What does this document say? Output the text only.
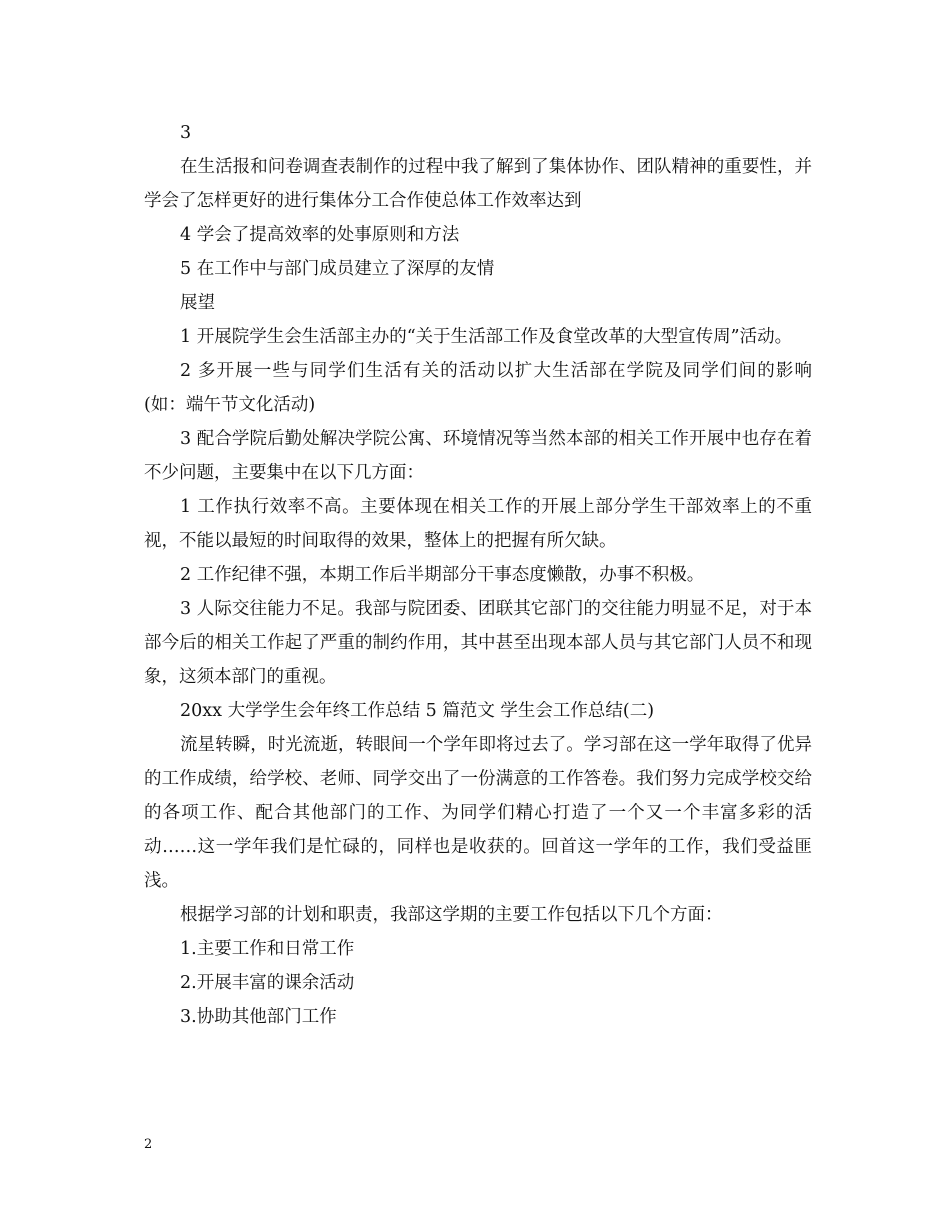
3

在生活报和问卷调查表制作的过程中我了解到了集体协作、团队精神的重要性，并学会了怎样更好的进行集体分工合作使总体工作效率达到

4 学会了提高效率的处事原则和方法

5 在工作中与部门成员建立了深厚的友情

展望

1 开展院学生会生活部主办的“关于生活部工作及食堂改革的大型宣传周”活动。

2 多开展一些与同学们生活有关的活动以扩大生活部在学院及同学们间的影响(如：端午节文化活动)

3 配合学院后勤处解决学院公寓、环境情况等当然本部的相关工作开展中也存在着不少问题，主要集中在以下几方面：

1 工作执行效率不高。主要体现在相关工作的开展上部分学生干部效率上的不重视，不能以最短的时间取得的效果，整体上的把握有所欠缺。

2 工作纪律不强，本期工作后半期部分干事态度懒散，办事不积极。

3 人际交往能力不足。我部与院团委、团联其它部门的交往能力明显不足，对于本部今后的相关工作起了严重的制约作用，其中甚至出现本部人员与其它部门人员不和现象，这须本部门的重视。

20xx 大学学生会年终工作总结 5 篇范文 学生会工作总结(二)

流星转瞬，时光流逝，转眼间一个学年即将过去了。学习部在这一学年取得了优异的工作成绩，给学校、老师、同学交出了一份满意的工作答卷。我们努力完成学校交给的各项工作、配合其他部门的工作、为同学们精心打造了一个又一个丰富多彩的活动……这一学年我们是忙碌的，同样也是收获的。回首这一学年的工作，我们受益匪浅。

根据学习部的计划和职责，我部这学期的主要工作包括以下几个方面：

1.主要工作和日常工作

2.开展丰富的课余活动

3.协助其他部门工作

2
